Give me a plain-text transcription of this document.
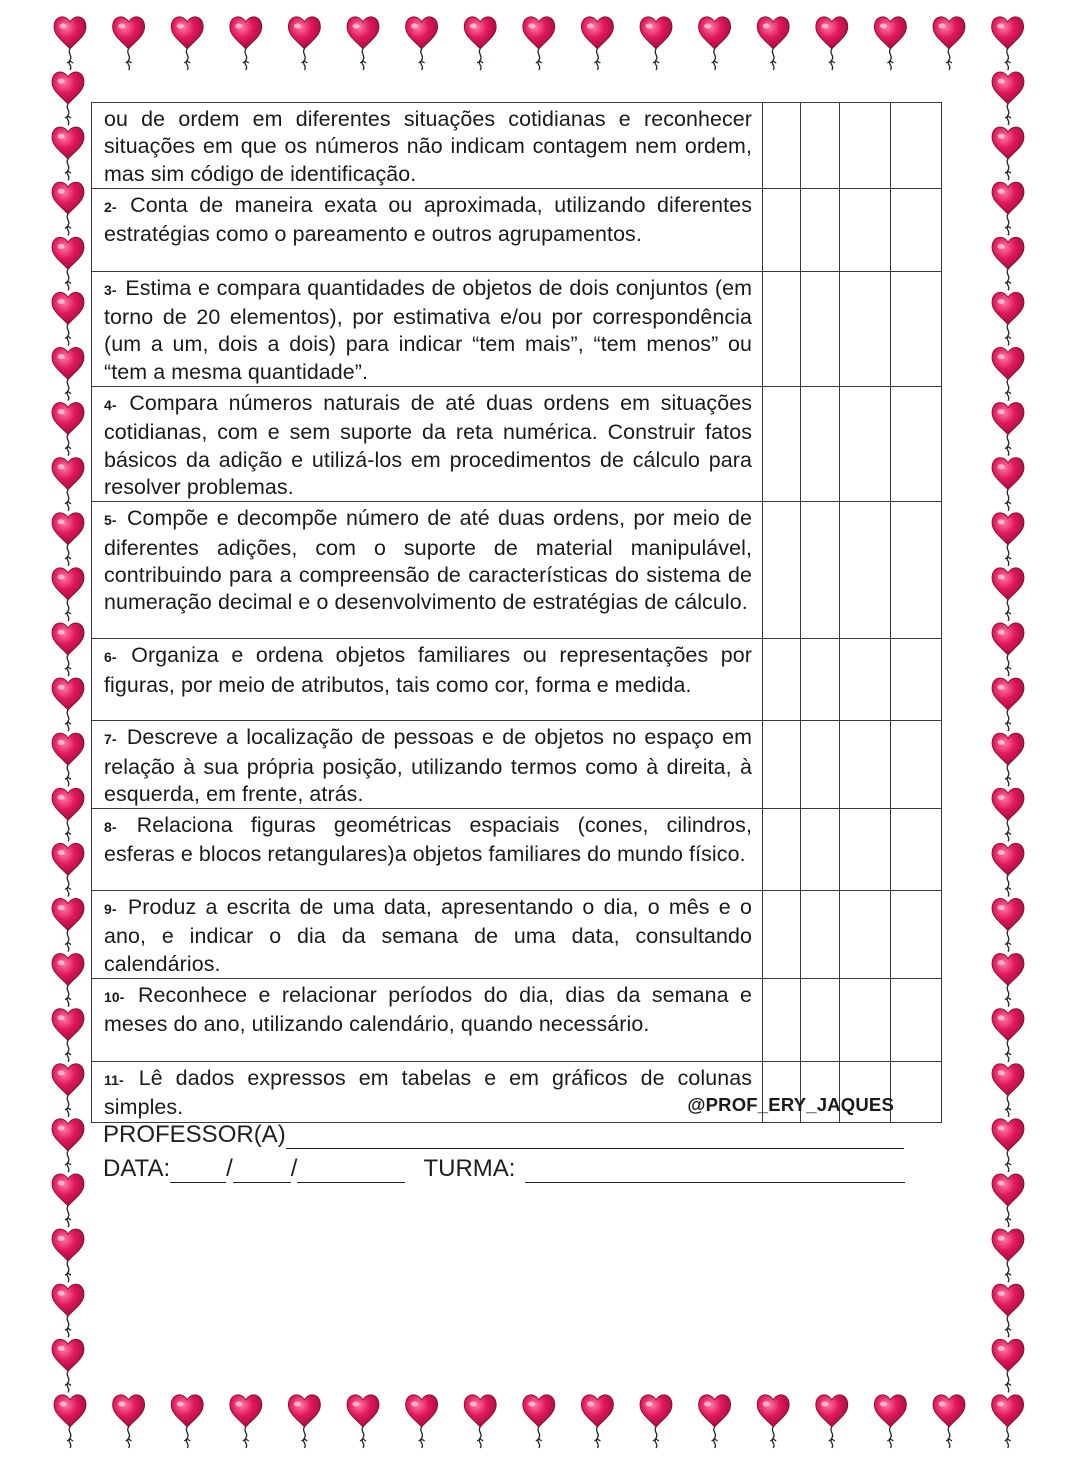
ou de ordem em diferentes situações cotidianas e reconhecer situações em que os números não indicam contagem nem ordem, mas sim código de identificação.				
2- Conta de maneira exata ou aproximada, utilizando diferentes estratégias como o pareamento e outros agrupamentos.				
3- Estima e compara quantidades de objetos de dois conjuntos (em torno de 20 elementos), por estimativa e/ou por correspondência (um a um, dois a dois) para indicar “tem mais”, “tem menos” ou “tem a mesma quantidade”.				
4- Compara números naturais de até duas ordens em situações cotidianas, com e sem suporte da reta numérica. Construir fatos básicos da adição e utilizá-los em procedimentos de cálculo para resolver problemas.				
5- Compõe e decompõe número de até duas ordens, por meio de diferentes adições, com o suporte de material manipulável, contribuindo para a compreensão de características do sistema de numeração decimal e o desenvolvimento de estratégias de cálculo.				
6- Organiza e ordena objetos familiares ou representações por figuras, por meio de atributos, tais como cor, forma e medida.				
7- Descreve a localização de pessoas e de objetos no espaço em relação à sua própria posição, utilizando termos como à direita, à esquerda, em frente, atrás.				
8- Relaciona figuras geométricas espaciais (cones, cilindros, esferas e blocos retangulares)a objetos familiares do mundo físico.				
9- Produz a escrita de uma data, apresentando o dia, o mês e o ano, e indicar o dia da semana de uma data, consultando calendários.				
10- Reconhece e relacionar períodos do dia, dias da semana e meses do ano, utilizando calendário, quando necessário.				
11- Lê dados expressos em tabelas e em gráficos de colunas simples.					@PROF_ERY_JAQUES
PROFESSOR(A)
DATA: / /	TURMA:
